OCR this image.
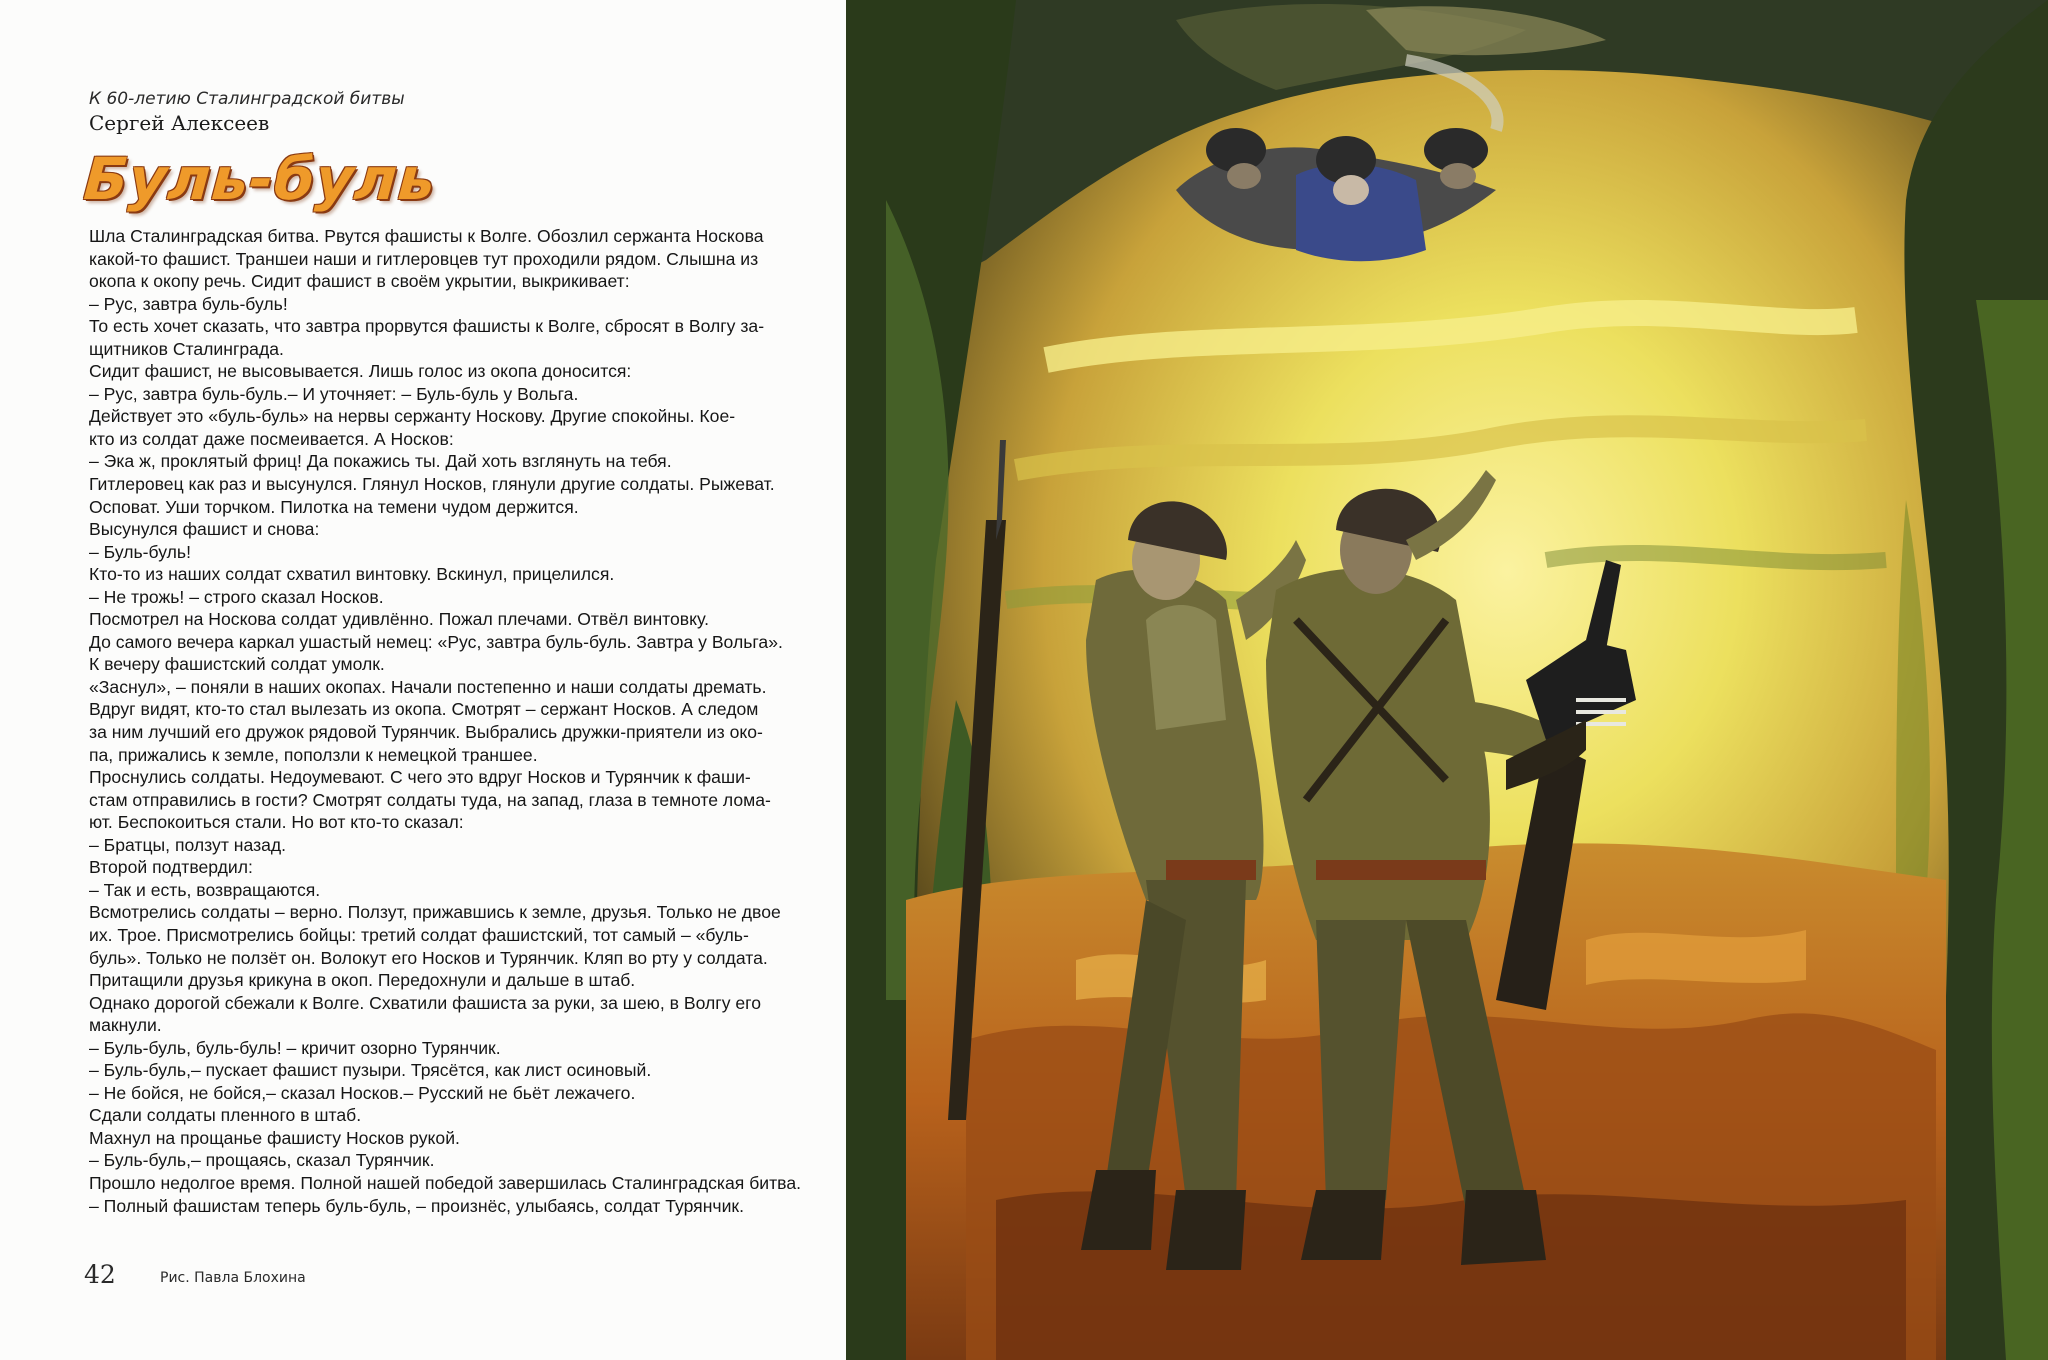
К 60-летию Сталинградской битвы
Сергей Алексеев
Буль-буль
Шла Сталинградская битва. Рвутся фашисты к Волге. Обозлил сержанта Носкова
какой-то фашист. Траншеи наши и гитлеровцев тут проходили рядом. Слышна из
окопа к окопу речь. Сидит фашист в своём укрытии, выкрикивает:
– Рус, завтра буль-буль!
То есть хочет сказать, что завтра прорвутся фашисты к Волге, сбросят в Волгу за-
щитников Сталинграда.
Сидит фашист, не высовывается. Лишь голос из окопа доносится:
– Рус, завтра буль-буль.– И уточняет: – Буль-буль у Вольга.
Действует это «буль-буль» на нервы сержанту Носкову. Другие спокойны. Кое-
кто из солдат даже посмеивается. А Носков:
– Эка ж, проклятый фриц! Да покажись ты. Дай хоть взглянуть на тебя.
Гитлеровец как раз и высунулся. Глянул Носков, глянули другие солдаты. Рыжеват.
Осповат. Уши торчком. Пилотка на темени чудом держится.
Высунулся фашист и снова:
– Буль-буль!
Кто-то из наших солдат схватил винтовку. Вскинул, прицелился.
– Не трожь! – строго сказал Носков.
Посмотрел на Носкова солдат удивлённо. Пожал плечами. Отвёл винтовку.
До самого вечера каркал ушастый немец: «Рус, завтра буль-буль. Завтра у Вольга».
К вечеру фашистский солдат умолк.
«Заснул», – поняли в наших окопах. Начали постепенно и наши солдаты дремать.
Вдруг видят, кто-то стал вылезать из окопа. Смотрят – сержант Носков. А следом
за ним лучший его дружок рядовой Турянчик. Выбрались дружки-приятели из око-
па, прижались к земле, поползли к немецкой траншее.
Проснулись солдаты. Недоумевают. С чего это вдруг Носков и Турянчик к фаши-
стам отправились в гости? Смотрят солдаты туда, на запад, глаза в темноте лома-
ют. Беспокоиться стали. Но вот кто-то сказал:
– Братцы, ползут назад.
Второй подтвердил:
– Так и есть, возвращаются.
Всмотрелись солдаты – верно. Ползут, прижавшись к земле, друзья. Только не двое
их. Трое. Присмотрелись бойцы: третий солдат фашистский, тот самый – «буль-
буль». Только не ползёт он. Волокут его Носков и Турянчик. Кляп во рту у солдата.
Притащили друзья крикуна в окоп. Передохнули и дальше в штаб.
Однако дорогой сбежали к Волге. Схватили фашиста за руки, за шею, в Волгу его
макнули.
– Буль-буль, буль-буль! – кричит озорно Турянчик.
– Буль-буль,– пускает фашист пузыри. Трясётся, как лист осиновый.
– Не бойся, не бойся,– сказал Носков.– Русский не бьёт лежачего.
Сдали солдаты пленного в штаб.
Махнул на прощанье фашисту Носков рукой.
– Буль-буль,– прощаясь, сказал Турянчик.
Прошло недолгое время. Полной нашей победой завершилась Сталинградская битва.
– Полный фашистам теперь буль-буль, – произнёс, улыбаясь, солдат Турянчик.
42	Рис. Павла Блохина
